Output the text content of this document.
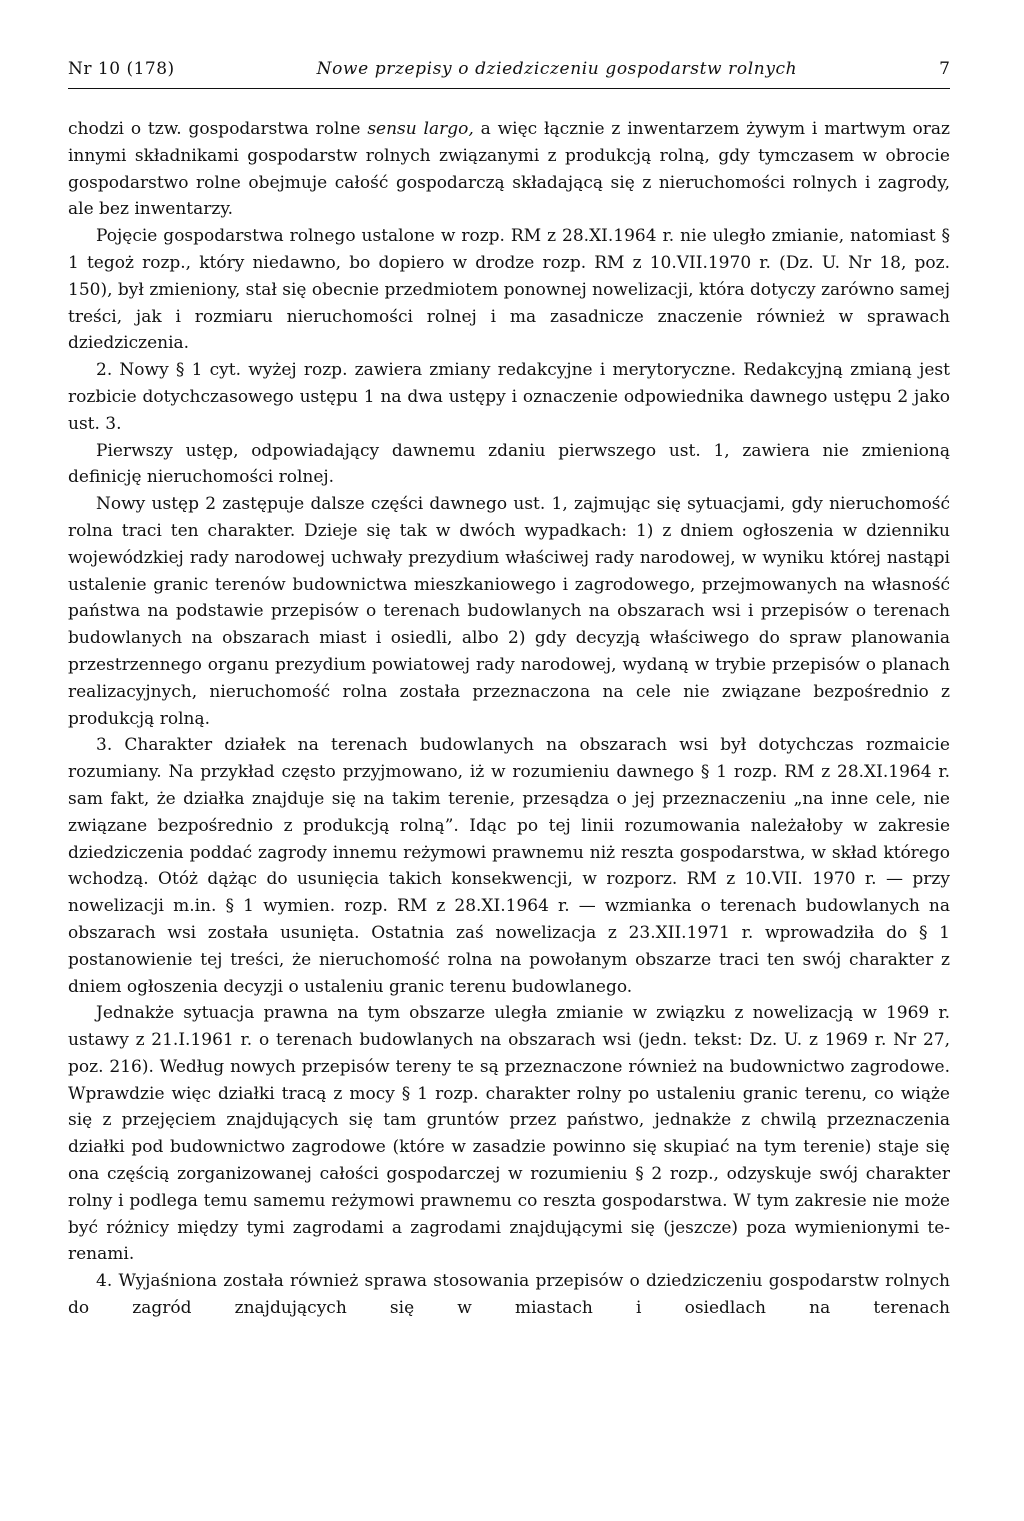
Nr 10 (178)	Nowe przepisy o dziedziczeniu gospodarstw rolnych	7

chodzi o tzw. gospodarstwa rolne sensu largo, a więc łącznie z inwentarzem żywym i martwym oraz innymi składnikami gospodarstw rolnych związanymi z produkcją rolną, gdy tymczasem w obrocie gospodarstwo rolne obejmuje całość gospodarczą składającą się z nieruchomości rolnych i zagrody, ale bez inwentarzy.

Pojęcie gospodarstwa rolnego ustalone w rozp. RM z 28.XI.1964 r. nie uległo zmianie, natomiast § 1 tegoż rozp., który niedawno, bo dopiero w drodze rozp. RM z 10.VII.1970 r. (Dz. U. Nr 18, poz. 150), był zmieniony, stał się obecnie przedmiotem ponownej nowelizacji, która dotyczy zarówno samej treści, jak i rozmiaru nieruchomości rolnej i ma zasadnicze znaczenie również w sprawach dziedziczenia.

2. Nowy § 1 cyt. wyżej rozp. zawiera zmiany redakcyjne i merytoryczne. Redakcyjną zmianą jest rozbicie dotychczasowego ustępu 1 na dwa ustępy i oznaczenie odpowiednika dawnego ustępu 2 jako ust. 3.

Pierwszy ustęp, odpowiadający dawnemu zdaniu pierwszego ust. 1, zawiera nie zmienioną definicję nieruchomości rolnej.

Nowy ustęp 2 zastępuje dalsze części dawnego ust. 1, zajmując się sytuacjami, gdy nieruchomość rolna traci ten charakter. Dzieje się tak w dwóch wypadkach: 1) z dniem ogłoszenia w dzienniku wojewódzkiej rady narodowej uchwały prezydium właściwej rady narodowej, w wyniku której nastąpi ustalenie granic terenów budownictwa mieszkaniowego i zagrodowego, przejmowanych na własność państwa na podstawie przepisów o terenach budowlanych na obszarach wsi i przepisów o terenach budowlanych na obszarach miast i osiedli, albo 2) gdy decyzją właściwego do spraw planowania przestrzennego organu prezydium powiatowej rady narodowej, wydaną w trybie przepisów o planach realizacyjnych, nieruchomość rolna została przeznaczona na cele nie związane bezpośrednio z produkcją rolną.

3. Charakter działek na terenach budowlanych na obszarach wsi był dotychczas rozmaicie rozumiany. Na przykład często przyjmowano, iż w rozumieniu dawnego § 1 rozp. RM z 28.XI.1964 r. sam fakt, że działka znajduje się na takim terenie, przesądza o jej przeznaczeniu „na inne cele, nie związane bezpośrednio z produkcją rolną”. Idąc po tej linii rozumowania należałoby w zakresie dziedziczenia poddać zagrody innemu reżymowi prawnemu niż reszta gospodarstwa, w skład którego wchodzą. Otóż dążąc do usunięcia takich konsekwencji, w rozporz. RM z 10.VII. 1970 r. — przy nowelizacji m.in. § 1 wymien. rozp. RM z 28.XI.1964 r. — wzmianka o terenach budowlanych na obszarach wsi została usunięta. Ostatnia zaś nowelizacja z 23.XII.1971 r. wprowadziła do § 1 postanowienie tej treści, że nieruchomość rolna na powołanym obszarze traci ten swój charakter z dniem ogłoszenia decyzji o ustaleniu granic terenu budowlanego.

Jednakże sytuacja prawna na tym obszarze uległa zmianie w związku z nowelizacją w 1969 r. ustawy z 21.I.1961 r. o terenach budowlanych na obszarach wsi (jedn. tekst: Dz. U. z 1969 r. Nr 27, poz. 216). Według nowych przepisów tereny te są przeznaczone również na budownictwo zagrodowe. Wprawdzie więc działki tracą z mocy § 1 rozp. charakter rolny po ustaleniu granic terenu, co wiąże się z przejęciem znajdujących się tam gruntów przez państwo, jednakże z chwilą przeznaczenia działki pod budownictwo zagrodowe (które w zasadzie powinno się skupiać na tym terenie) staje się ona częścią zorganizowanej całości gospodarczej w rozumieniu § 2 rozp., odzyskuje swój charakter rolny i podlega temu samemu reżymowi prawnemu co reszta gospodarstwa. W tym zakresie nie może być różnicy między tymi zagrodami a zagrodami znajdującymi się (jeszcze) poza wymienionymi terenami.

4. Wyjaśniona została również sprawa stosowania przepisów o dziedziczeniu gospodarstw rolnych do zagród znajdujących się w miastach i osiedlach na terenach
